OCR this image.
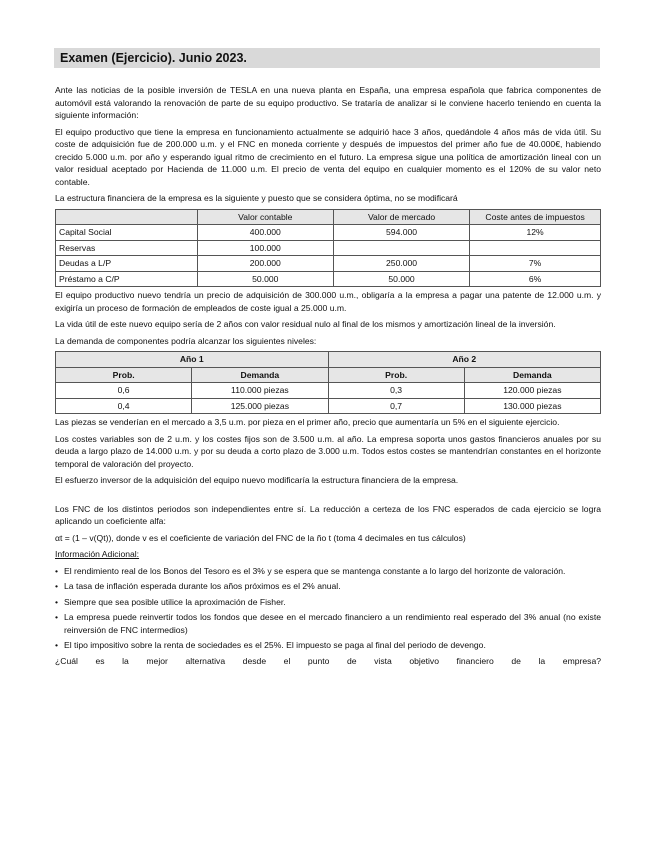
Examen (Ejercicio). Junio 2023.

Ante las noticias de la posible inversión de TESLA en una nueva planta en España, una empresa española que fabrica componentes de automóvil está valorando la renovación de parte de su equipo productivo. Se trataría de analizar si le conviene hacerlo teniendo en cuenta la siguiente información:

El equipo productivo que tiene la empresa en funcionamiento actualmente se adquirió hace 3 años, quedándole 4 años más de vida útil. Su coste de adquisición fue de 200.000 u.m. y el FNC en moneda corriente y después de impuestos del primer año fue de 40.000€, habiendo crecido 5.000 u.m. por año y esperando igual ritmo de crecimiento en el futuro. La empresa sigue una política de amortización lineal con un valor residual aceptado por Hacienda de 11.000 u.m. El precio de venta del equipo en cualquier momento es el 120% de su valor neto contable.

La estructura financiera de la empresa es la siguiente y puesto que se considera óptima, no se modificará

	Valor contable	Valor de mercado	Coste antes de impuestos
Capital Social	400.000	594.000	12%
Reservas	100.000		
Deudas a L/P	200.000	250.000	7%
Préstamo a C/P	50.000	50.000	6%

El equipo productivo nuevo tendría un precio de adquisición de 300.000 u.m., obligaría a la empresa a pagar una patente de 12.000 u.m. y exigiría un proceso de formación de empleados de coste igual a 25.000 u.m.

La vida útil de este nuevo equipo sería de 2 años con valor residual nulo al final de los mismos y amortización lineal de la inversión.

La demanda de componentes podría alcanzar los siguientes niveles:

Año 1		Año 2	
Prob.	Demanda	Prob.	Demanda
0,6	110.000 piezas	0,3	120.000 piezas
0,4	125.000 piezas	0,7	130.000 piezas

Las piezas se venderían en el mercado a 3,5 u.m. por pieza en el primer año, precio que aumentaría un 5% en el siguiente ejercicio.

Los costes variables son de 2 u.m. y los costes fijos son de 3.500 u.m. al año. La empresa soporta unos gastos financieros anuales por su deuda a largo plazo de 14.000 u.m. y por su deuda a corto plazo de 3.000 u.m. Todos estos costes se mantendrían constantes en el horizonte temporal de valoración del proyecto.

El esfuerzo inversor de la adquisición del equipo nuevo modificaría la estructura financiera de la empresa.

Los FNC de los distintos periodos son independientes entre sí. La reducción a certeza de los FNC esperados de cada ejercicio se logra aplicando un coeficiente alfa:

αt = (1 – v(Qt)), donde v es el coeficiente de variación del FNC de la ño t (toma 4 decimales en tus cálculos)

Información Adicional:

• El rendimiento real de los Bonos del Tesoro es el 3% y se espera que se mantenga constante a lo largo del horizonte de valoración.
• La tasa de inflación esperada durante los años próximos es el 2% anual.
• Siempre que sea posible utilice la aproximación de Fisher.
• La empresa puede reinvertir todos los fondos que desee en el mercado financiero a un rendimiento real esperado del 3% anual (no existe reinversión de FNC intermedios)
• El tipo impositivo sobre la renta de sociedades es el 25%. El impuesto se paga al final del periodo de devengo.

¿Cuál es la mejor alternativa desde el punto de vista objetivo financiero de la empresa?
